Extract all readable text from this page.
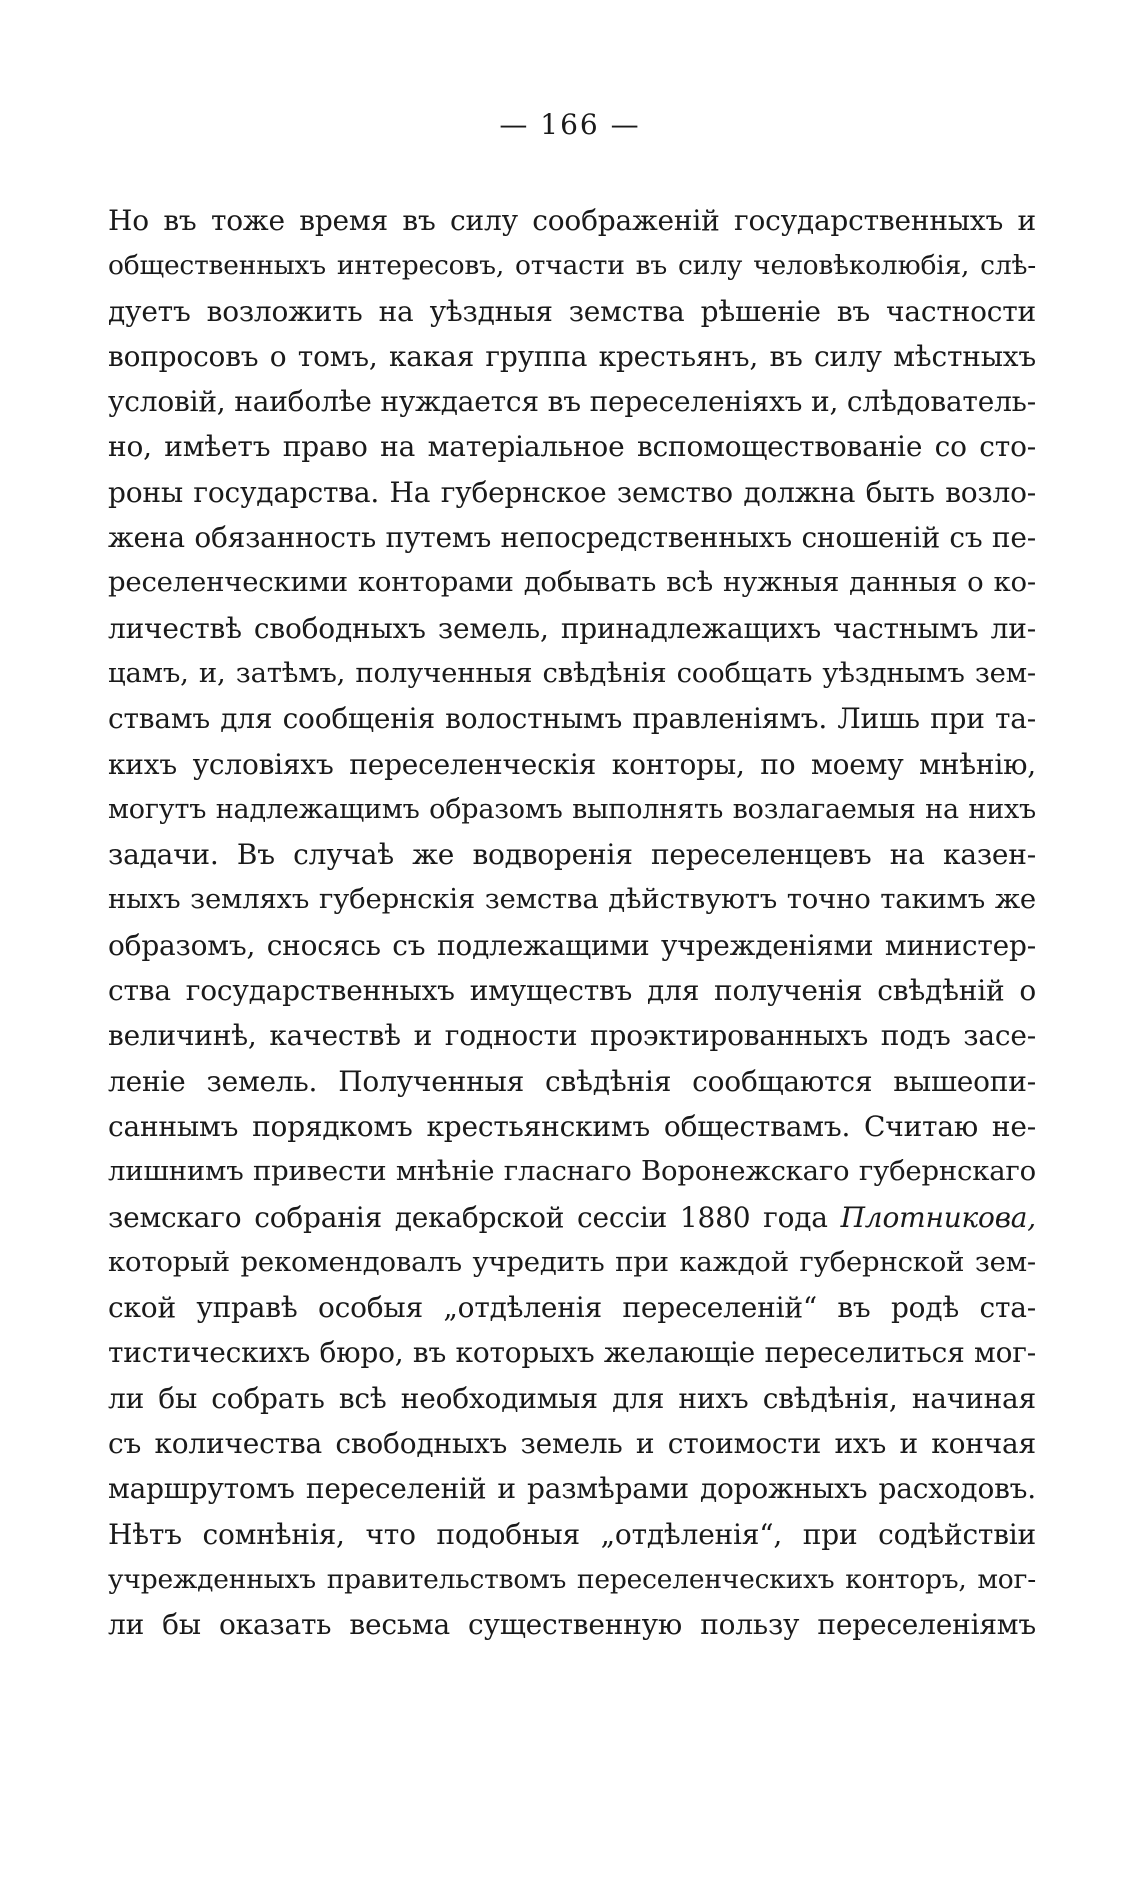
— 166 —
Но въ тоже время въ силу соображеній государственныхъ и
общественныхъ интересовъ, отчасти въ силу человѣколюбія, слѣ-
дуетъ возложить на уѣздныя земства рѣшеніе въ частности
вопросовъ о томъ, какая группа крестьянъ, въ силу мѣстныхъ
условій, наиболѣе нуждается въ переселеніяхъ и, слѣдователь-
но, имѣетъ право на матеріальное вспомоществованіе со сто-
роны государства. На губернское земство должна быть возло-
жена обязанность путемъ непосредственныхъ сношеній съ пе-
реселенческими конторами добывать всѣ нужныя данныя о ко-
личествѣ свободныхъ земель, принадлежащихъ частнымъ ли-
цамъ, и, затѣмъ, полученныя свѣдѣнія сообщать уѣзднымъ зем-
ствамъ для сообщенія волостнымъ правленіямъ. Лишь при та-
кихъ условіяхъ переселенческія конторы, по моему мнѣнію,
могутъ надлежащимъ образомъ выполнять возлагаемыя на нихъ
задачи. Въ случаѣ же водворенія переселенцевъ на казен-
ныхъ земляхъ губернскія земства дѣйствуютъ точно такимъ же
образомъ, сносясь съ подлежащими учрежденіями министер-
ства государственныхъ имуществъ для полученія свѣдѣній о
величинѣ, качествѣ и годности проэктированныхъ подъ засе-
леніе земель. Полученныя свѣдѣнія сообщаются вышеопи-
саннымъ порядкомъ крестьянскимъ обществамъ. Считаю не-
лишнимъ привести мнѣніе гласнаго Воронежскаго губернскаго
земскаго собранія декабрской сессіи 1880 года Плотникова,
который рекомендовалъ учредить при каждой губернской зем-
ской управѣ особыя „отдѣленія переселеній“ въ родѣ ста-
тистическихъ бюро, въ которыхъ желающіе переселиться мог-
ли бы собрать всѣ необходимыя для нихъ свѣдѣнія, начиная
съ количества свободныхъ земель и стоимости ихъ и кончая
маршрутомъ переселеній и размѣрами дорожныхъ расходовъ.
Нѣтъ сомнѣнія, что подобныя „отдѣленія“, при содѣйствіи
учрежденныхъ правительствомъ переселенческихъ конторъ, мог-
ли бы оказать весьма существенную пользу переселеніямъ
